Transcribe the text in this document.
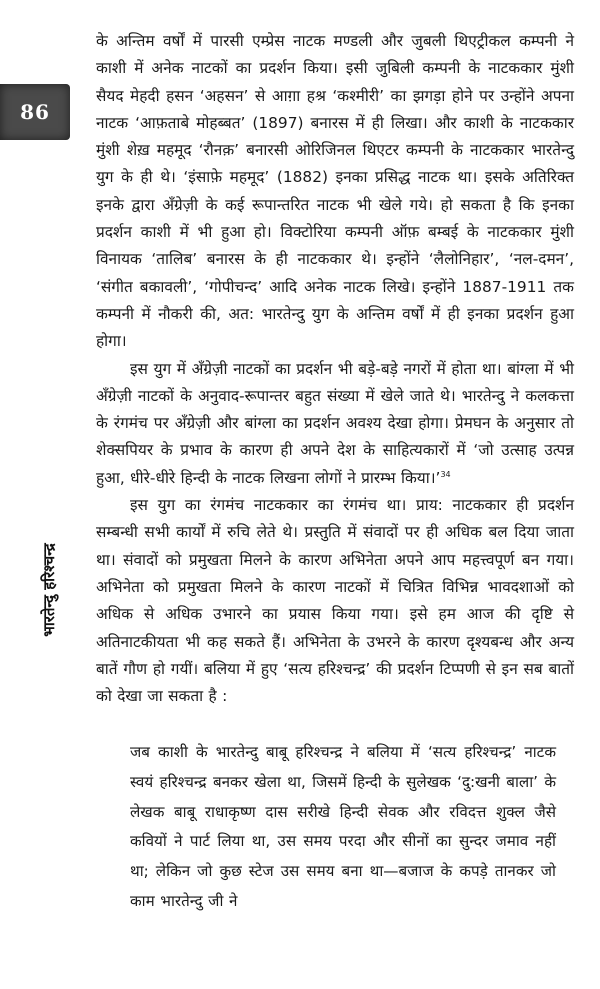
86
भारतेन्दु हरिश्चन्द्र

के अन्तिम वर्षों में पारसी एम्प्रेस नाटक मण्डली और जुबली थिएट्रीकल कम्पनी ने काशी में अनेक नाटकों का प्रदर्शन किया। इसी जुबिली कम्पनी के नाटककार मुंशी सैयद मेहदी हसन ‘अहसन’ से आग़ा हश्र ‘कश्मीरी’ का झगड़ा होने पर उन्होंने अपना नाटक ‘आफ़ताबे मोहब्बत’ (1897) बनारस में ही लिखा। और काशी के नाटककार मुंशी शेख़ महमूद ‘रौनक़’ बनारसी ओरिजिनल थिएटर कम्पनी के नाटककार भारतेन्दु युग के ही थे। ‘इंसाफ़े महमूद’ (1882) इनका प्रसिद्ध नाटक था। इसके अतिरिक्त इनके द्वारा अँग्रेज़ी के कई रूपान्तरित नाटक भी खेले गये। हो सकता है कि इनका प्रदर्शन काशी में भी हुआ हो। विक्टोरिया कम्पनी ऑफ़ बम्बई के नाटककार मुंशी विनायक ‘तालिब’ बनारस के ही नाटककार थे। इन्होंने ‘लैलोनिहार’, ‘नल-दमन’, ‘संगीत बकावली’, ‘गोपीचन्द’ आदि अनेक नाटक लिखे। इन्होंने 1887-1911 तक कम्पनी में नौकरी की, अत: भारतेन्दु युग के अन्तिम वर्षों में ही इनका प्रदर्शन हुआ होगा।

इस युग में अँग्रेज़ी नाटकों का प्रदर्शन भी बड़े-बड़े नगरों में होता था। बांग्ला में भी अँग्रेज़ी नाटकों के अनुवाद-रूपान्तर बहुत संख्या में खेले जाते थे। भारतेन्दु ने कलकत्ता के रंगमंच पर अँग्रेज़ी और बांग्ला का प्रदर्शन अवश्य देखा होगा। प्रेमघन के अनुसार तो शेक्सपियर के प्रभाव के कारण ही अपने देश के साहित्यकारों में ‘जो उत्साह उत्पन्न हुआ, धीरे-धीरे हिन्दी के नाटक लिखना लोगों ने प्रारम्भ किया।’$^{34}$

इस युग का रंगमंच नाटककार का रंगमंच था। प्राय: नाटककार ही प्रदर्शन सम्बन्धी सभी कार्यों में रुचि लेते थे। प्रस्तुति में संवादों पर ही अधिक बल दिया जाता था। संवादों को प्रमुखता मिलने के कारण अभिनेता अपने आप महत्त्वपूर्ण बन गया। अभिनेता को प्रमुखता मिलने के कारण नाटकों में चित्रित विभिन्न भावदशाओं को अधिक से अधिक उभारने का प्रयास किया गया। इसे हम आज की दृष्टि से अतिनाटकीयता भी कह सकते हैं। अभिनेता के उभरने के कारण दृश्यबन्ध और अन्य बातें गौण हो गयीं। बलिया में हुए ‘सत्य हरिश्चन्द्र’ की प्रदर्शन टिप्पणी से इन सब बातों को देखा जा सकता है :

जब काशी के भारतेन्दु बाबू हरिश्चन्द्र ने बलिया में ‘सत्य हरिश्चन्द्र’ नाटक स्वयं हरिश्चन्द्र बनकर खेला था, जिसमें हिन्दी के सुलेखक ‘दु:खनी बाला’ के लेखक बाबू राधाकृष्ण दास सरीखे हिन्दी सेवक और रविदत्त शुक्ल जैसे कवियों ने पार्ट लिया था, उस समय परदा और सीनों का सुन्दर जमाव नहीं था; लेकिन जो कुछ स्टेज उस समय बना था—बजाज के कपड़े तानकर जो काम भारतेन्दु जी ने
